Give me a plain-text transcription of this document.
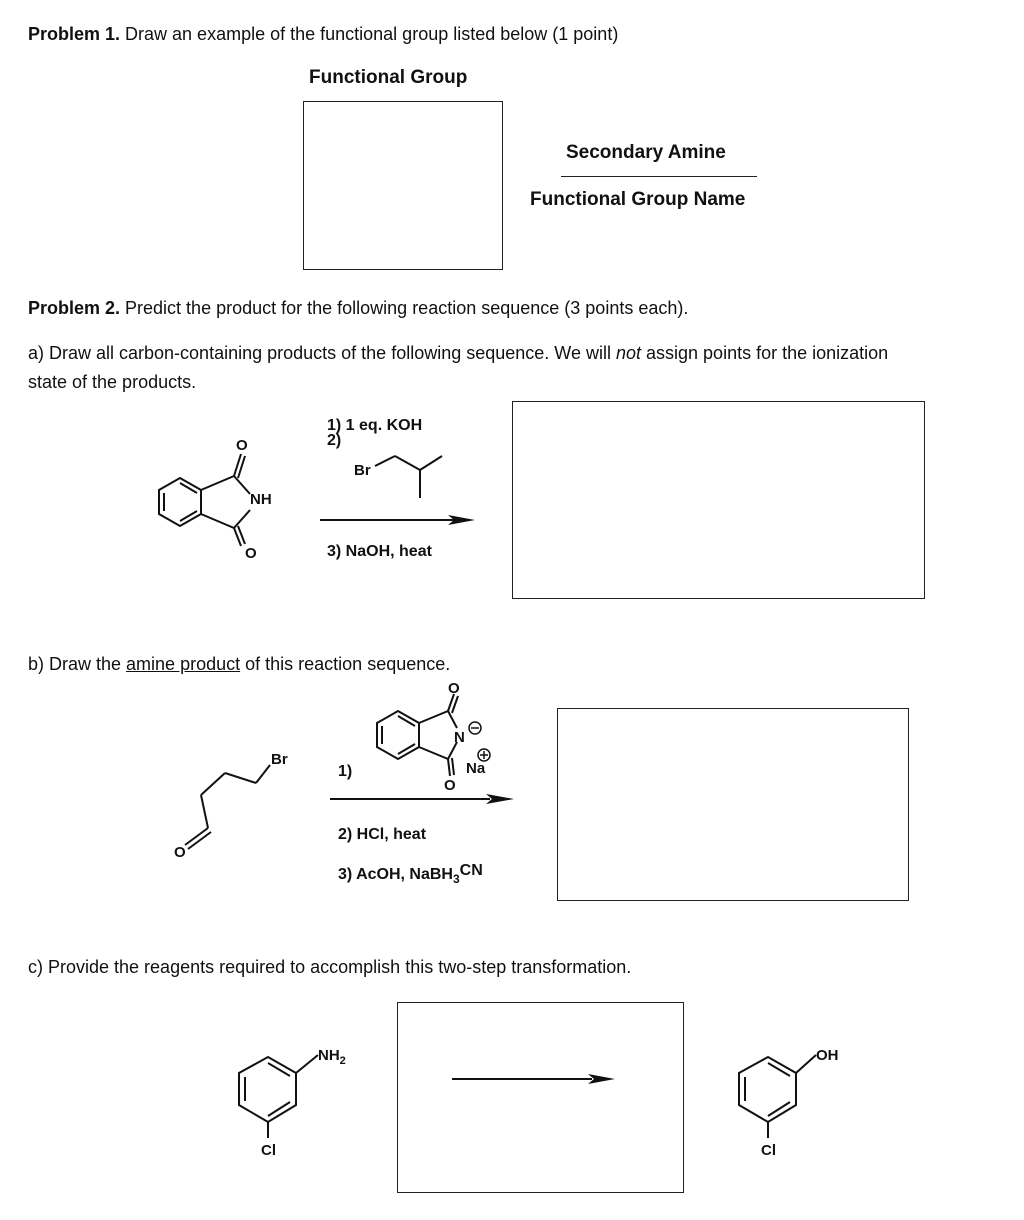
Problem 1. Draw an example of the functional group listed below (1 point)
Functional Group
Secondary Amine
Functional Group Name
Problem 2. Predict the product for the following reaction sequence (3 points each).
a) Draw all carbon-containing products of the following sequence. We will not assign points for the ionization
state of the products.
O
NH
O
1) 1 eq. KOH
2)
Br
3) NaOH, heat
b) Draw the amine product of this reaction sequence.
Br
O
O
N
O
Na
1)
2) HCl, heat
3) AcOH, NaBH$_3$CN
c) Provide the reagents required to accomplish this two-step transformation.
$NH_2$
Cl
OH
Cl
